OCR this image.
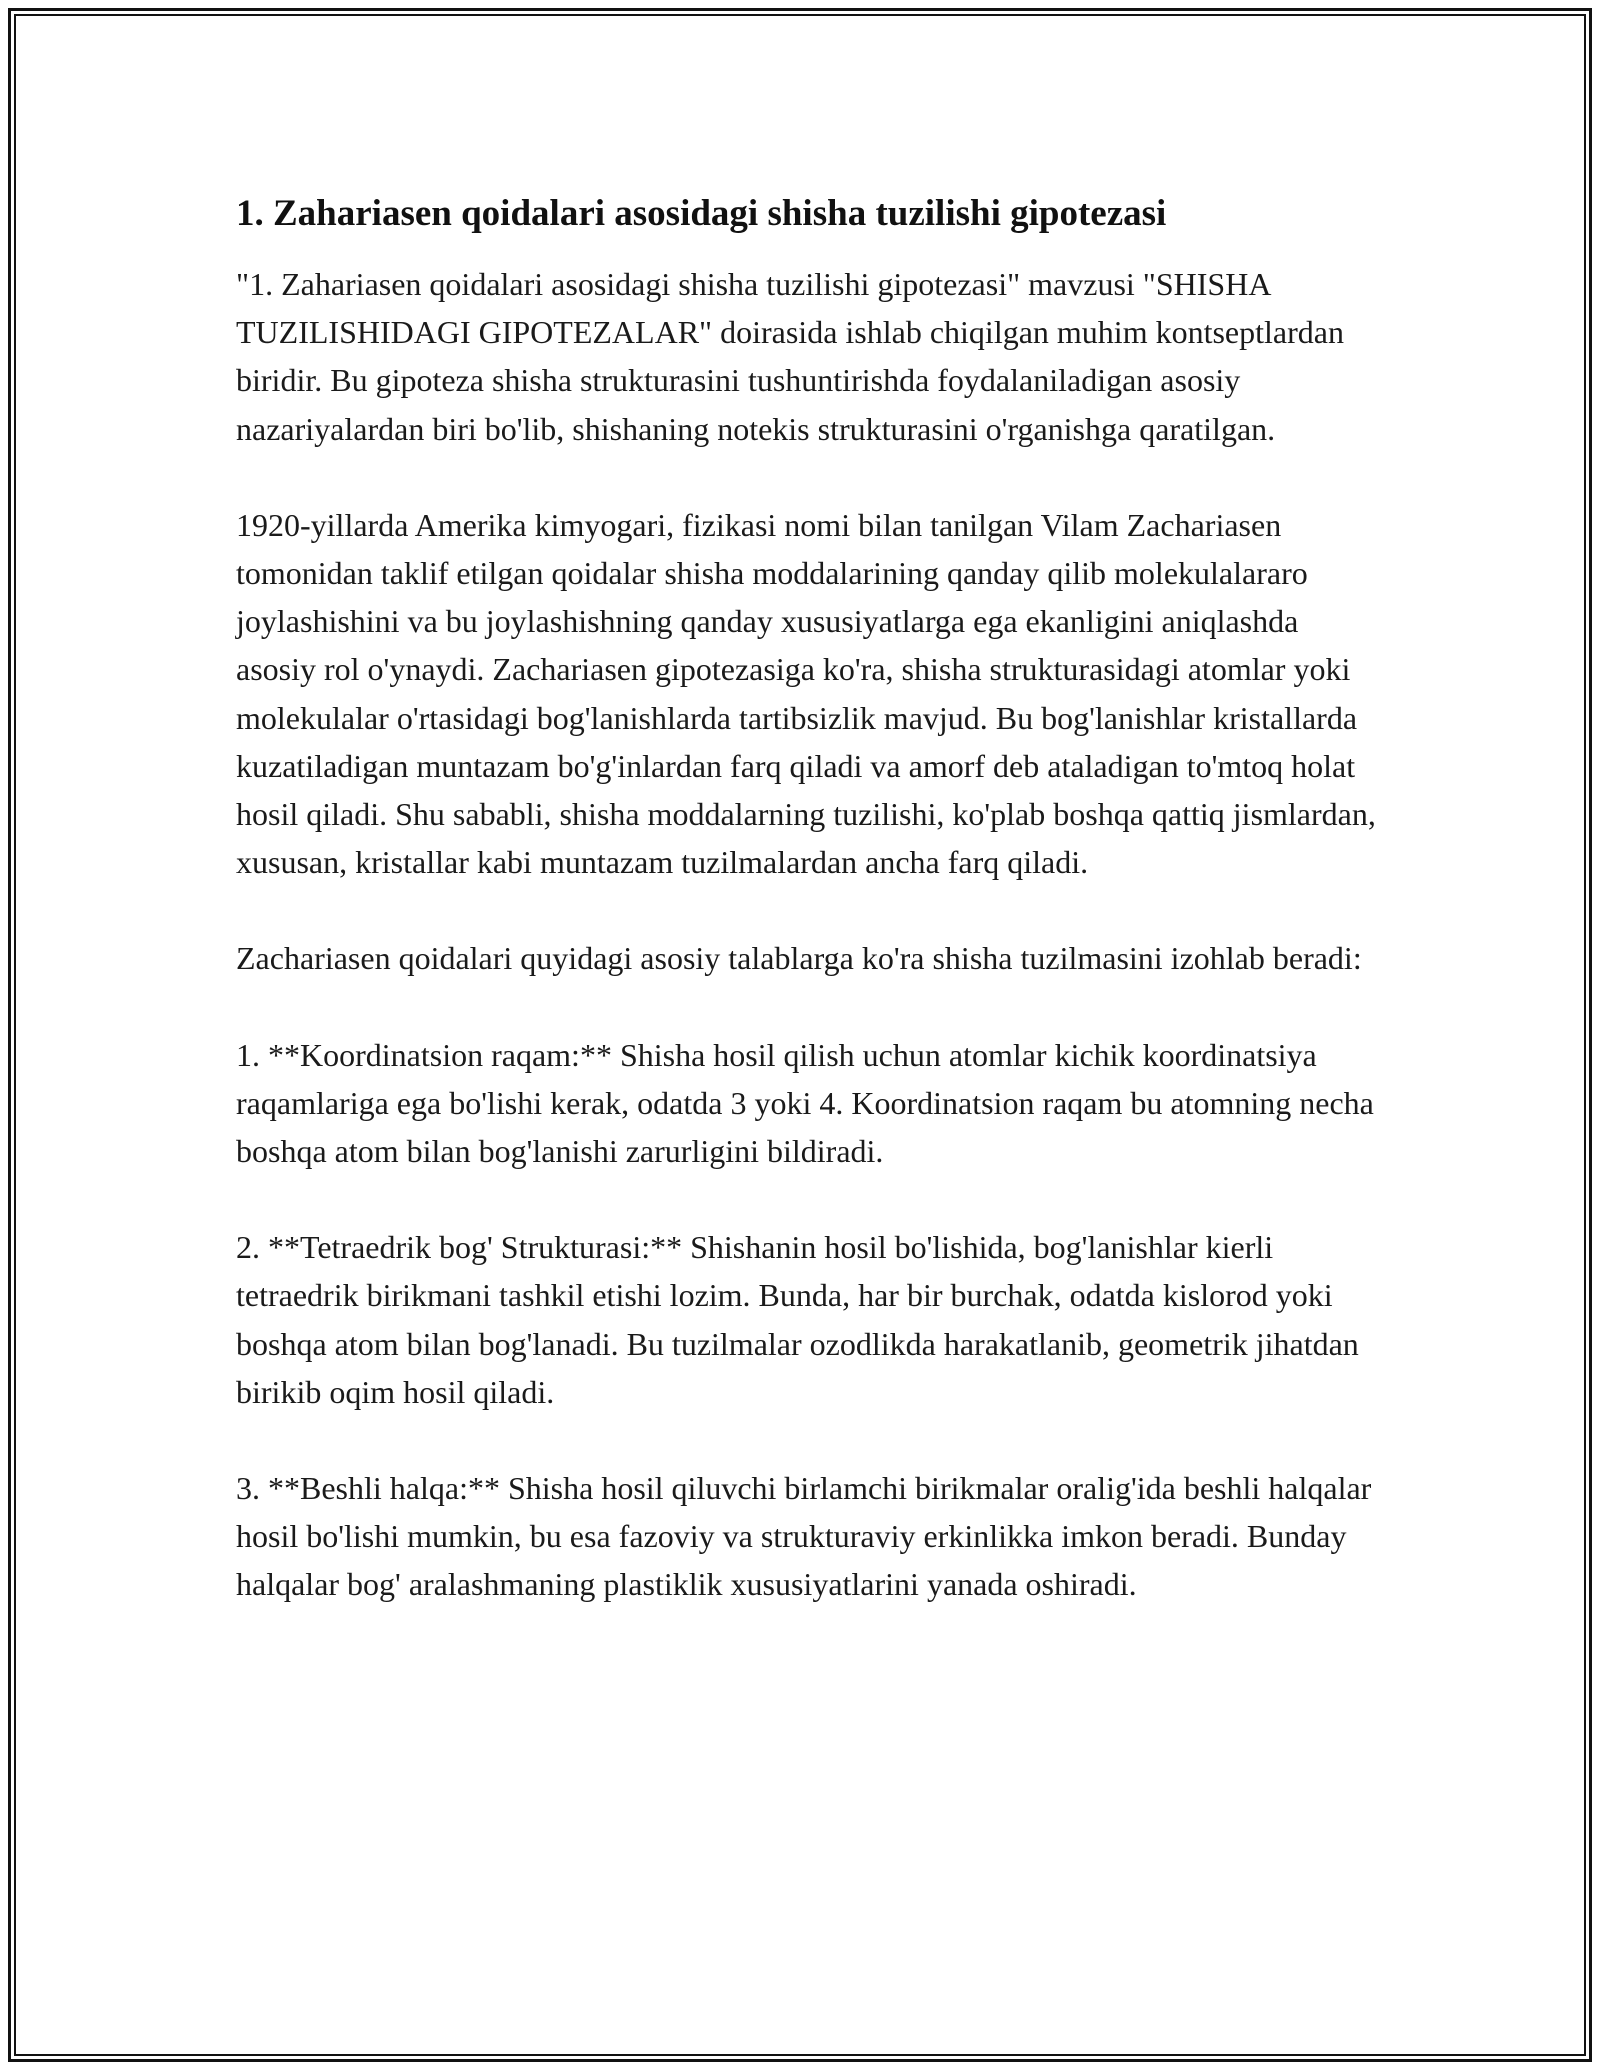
1. Zahariasen qoidalari asosidagi shisha tuzilishi gipotezasi

"1. Zahariasen qoidalari asosidagi shisha tuzilishi gipotezasi" mavzusi "SHISHA TUZILISHIDAGI GIPOTEZALAR" doirasida ishlab chiqilgan muhim kontseptlardan biridir. Bu gipoteza shisha strukturasini tushuntirishda foydalaniladigan asosiy nazariyalardan biri bo'lib, shishaning notekis strukturasini o'rganishga qaratilgan.

1920-yillarda Amerika kimyogari, fizikasi nomi bilan tanilgan Vilam Zachariasen tomonidan taklif etilgan qoidalar shisha moddalarining qanday qilib molekulalararo joylashishini va bu joylashishning qanday xususiyatlarga ega ekanligini aniqlashda asosiy rol o'ynaydi. Zachariasen gipotezasiga ko'ra, shisha strukturasidagi atomlar yoki molekulalar o'rtasidagi bog'lanishlarda tartibsizlik mavjud. Bu bog'lanishlar kristallarda kuzatiladigan muntazam bo'g'inlardan farq qiladi va amorf deb ataladigan to'mtoq holat hosil qiladi. Shu sababli, shisha moddalarning tuzilishi, ko'plab boshqa qattiq jismlardan, xususan, kristallar kabi muntazam tuzilmalardan ancha farq qiladi.

Zachariasen qoidalari quyidagi asosiy talablarga ko'ra shisha tuzilmasini izohlab beradi:

1. **Koordinatsion raqam:** Shisha hosil qilish uchun atomlar kichik koordinatsiya raqamlariga ega bo'lishi kerak, odatda 3 yoki 4. Koordinatsion raqam bu atomning necha boshqa atom bilan bog'lanishi zarurligini bildiradi.

2. **Tetraedrik bog' Strukturasi:** Shishanin hosil bo'lishida, bog'lanishlar kierli tetraedrik birikmani tashkil etishi lozim. Bunda, har bir burchak, odatda kislorod yoki boshqa atom bilan bog'lanadi. Bu tuzilmalar ozodlikda harakatlanib, geometrik jihatdan birikib oqim hosil qiladi.

3. **Beshli halqa:** Shisha hosil qiluvchi birlamchi birikmalar oralig'ida beshli halqalar hosil bo'lishi mumkin, bu esa fazoviy va strukturaviy erkinlikka imkon beradi. Bunday halqalar bog' aralashmaning plastiklik xususiyatlarini yanada oshiradi.
